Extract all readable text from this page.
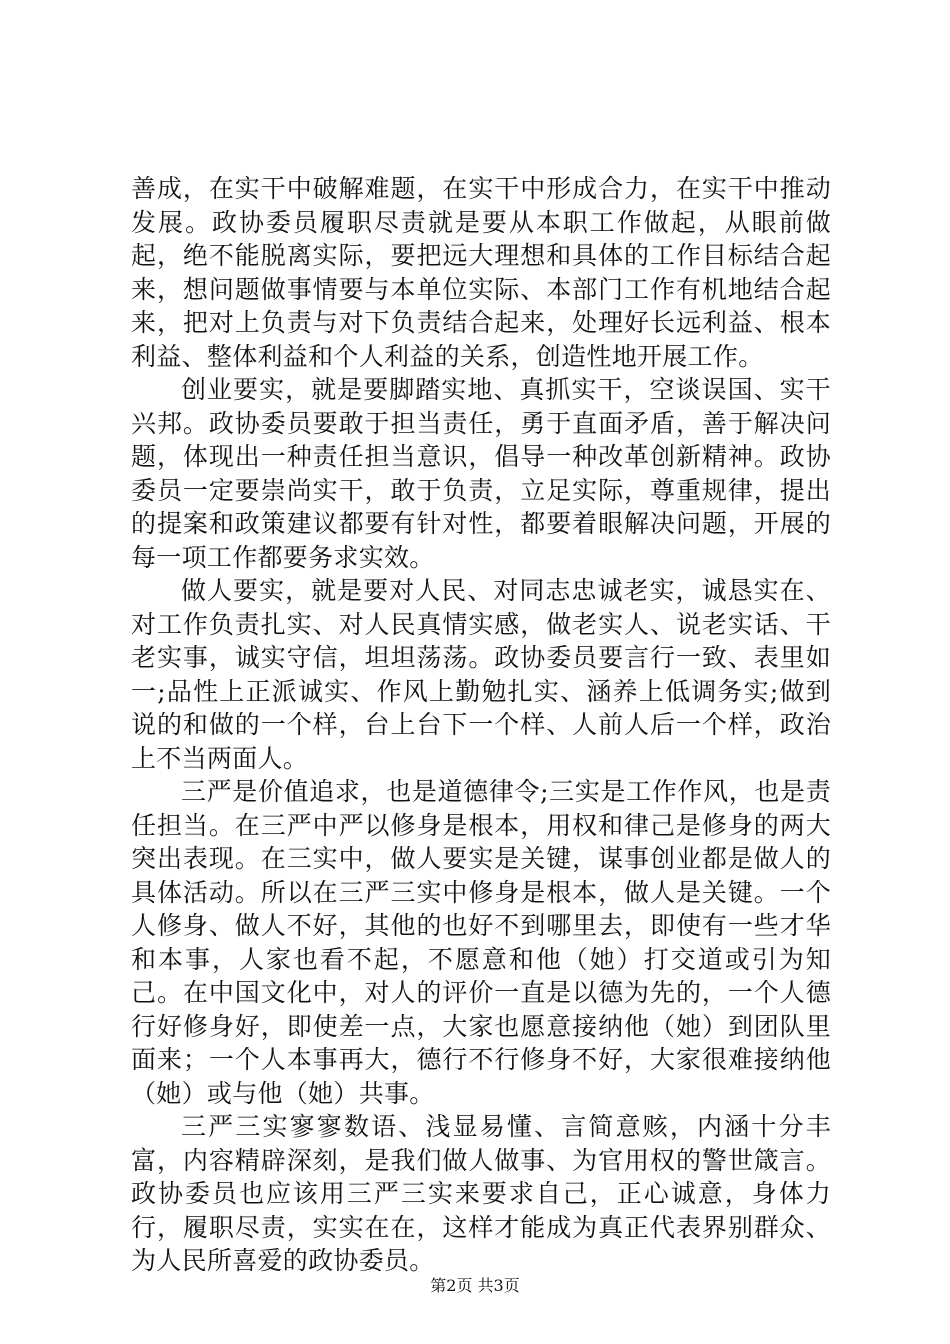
善成，在实干中破解难题，在实干中形成合力，在实干中推动发展。政协委员履职尽责就是要从本职工作做起，从眼前做起，绝不能脱离实际，要把远大理想和具体的工作目标结合起来，想问题做事情要与本单位实际、本部门工作有机地结合起来，把对上负责与对下负责结合起来，处理好长远利益、根本利益、整体利益和个人利益的关系，创造性地开展工作。

创业要实，就是要脚踏实地、真抓实干，空谈误国、实干兴邦。政协委员要敢于担当责任，勇于直面矛盾，善于解决问题，体现出一种责任担当意识，倡导一种改革创新精神。政协委员一定要崇尚实干，敢于负责，立足实际，尊重规律，提出的提案和政策建议都要有针对性，都要着眼解决问题，开展的每一项工作都要务求实效。

做人要实，就是要对人民、对同志忠诚老实，诚恳实在、对工作负责扎实、对人民真情实感，做老实人、说老实话、干老实事，诚实守信，坦坦荡荡。政协委员要言行一致、表里如一;品性上正派诚实、作风上勤勉扎实、涵养上低调务实;做到说的和做的一个样，台上台下一个样、人前人后一个样，政治上不当两面人。

三严是价值追求，也是道德律令;三实是工作作风，也是责任担当。在三严中严以修身是根本，用权和律己是修身的两大突出表现。在三实中，做人要实是关键，谋事创业都是做人的具体活动。所以在三严三实中修身是根本，做人是关键。一个人修身、做人不好，其他的也好不到哪里去，即使有一些才华和本事，人家也看不起，不愿意和他（她）打交道或引为知己。在中国文化中，对人的评价一直是以德为先的，一个人德行好修身好，即使差一点，大家也愿意接纳他（她）到团队里面来；一个人本事再大，德行不行修身不好，大家很难接纳他（她）或与他（她）共事。

三严三实寥寥数语、浅显易懂、言简意赅，内涵十分丰富，内容精辟深刻，是我们做人做事、为官用权的警世箴言。政协委员也应该用三严三实来要求自己，正心诚意，身体力行，履职尽责，实实在在，这样才能成为真正代表界别群众、为人民所喜爱的政协委员。

第2页 共3页
